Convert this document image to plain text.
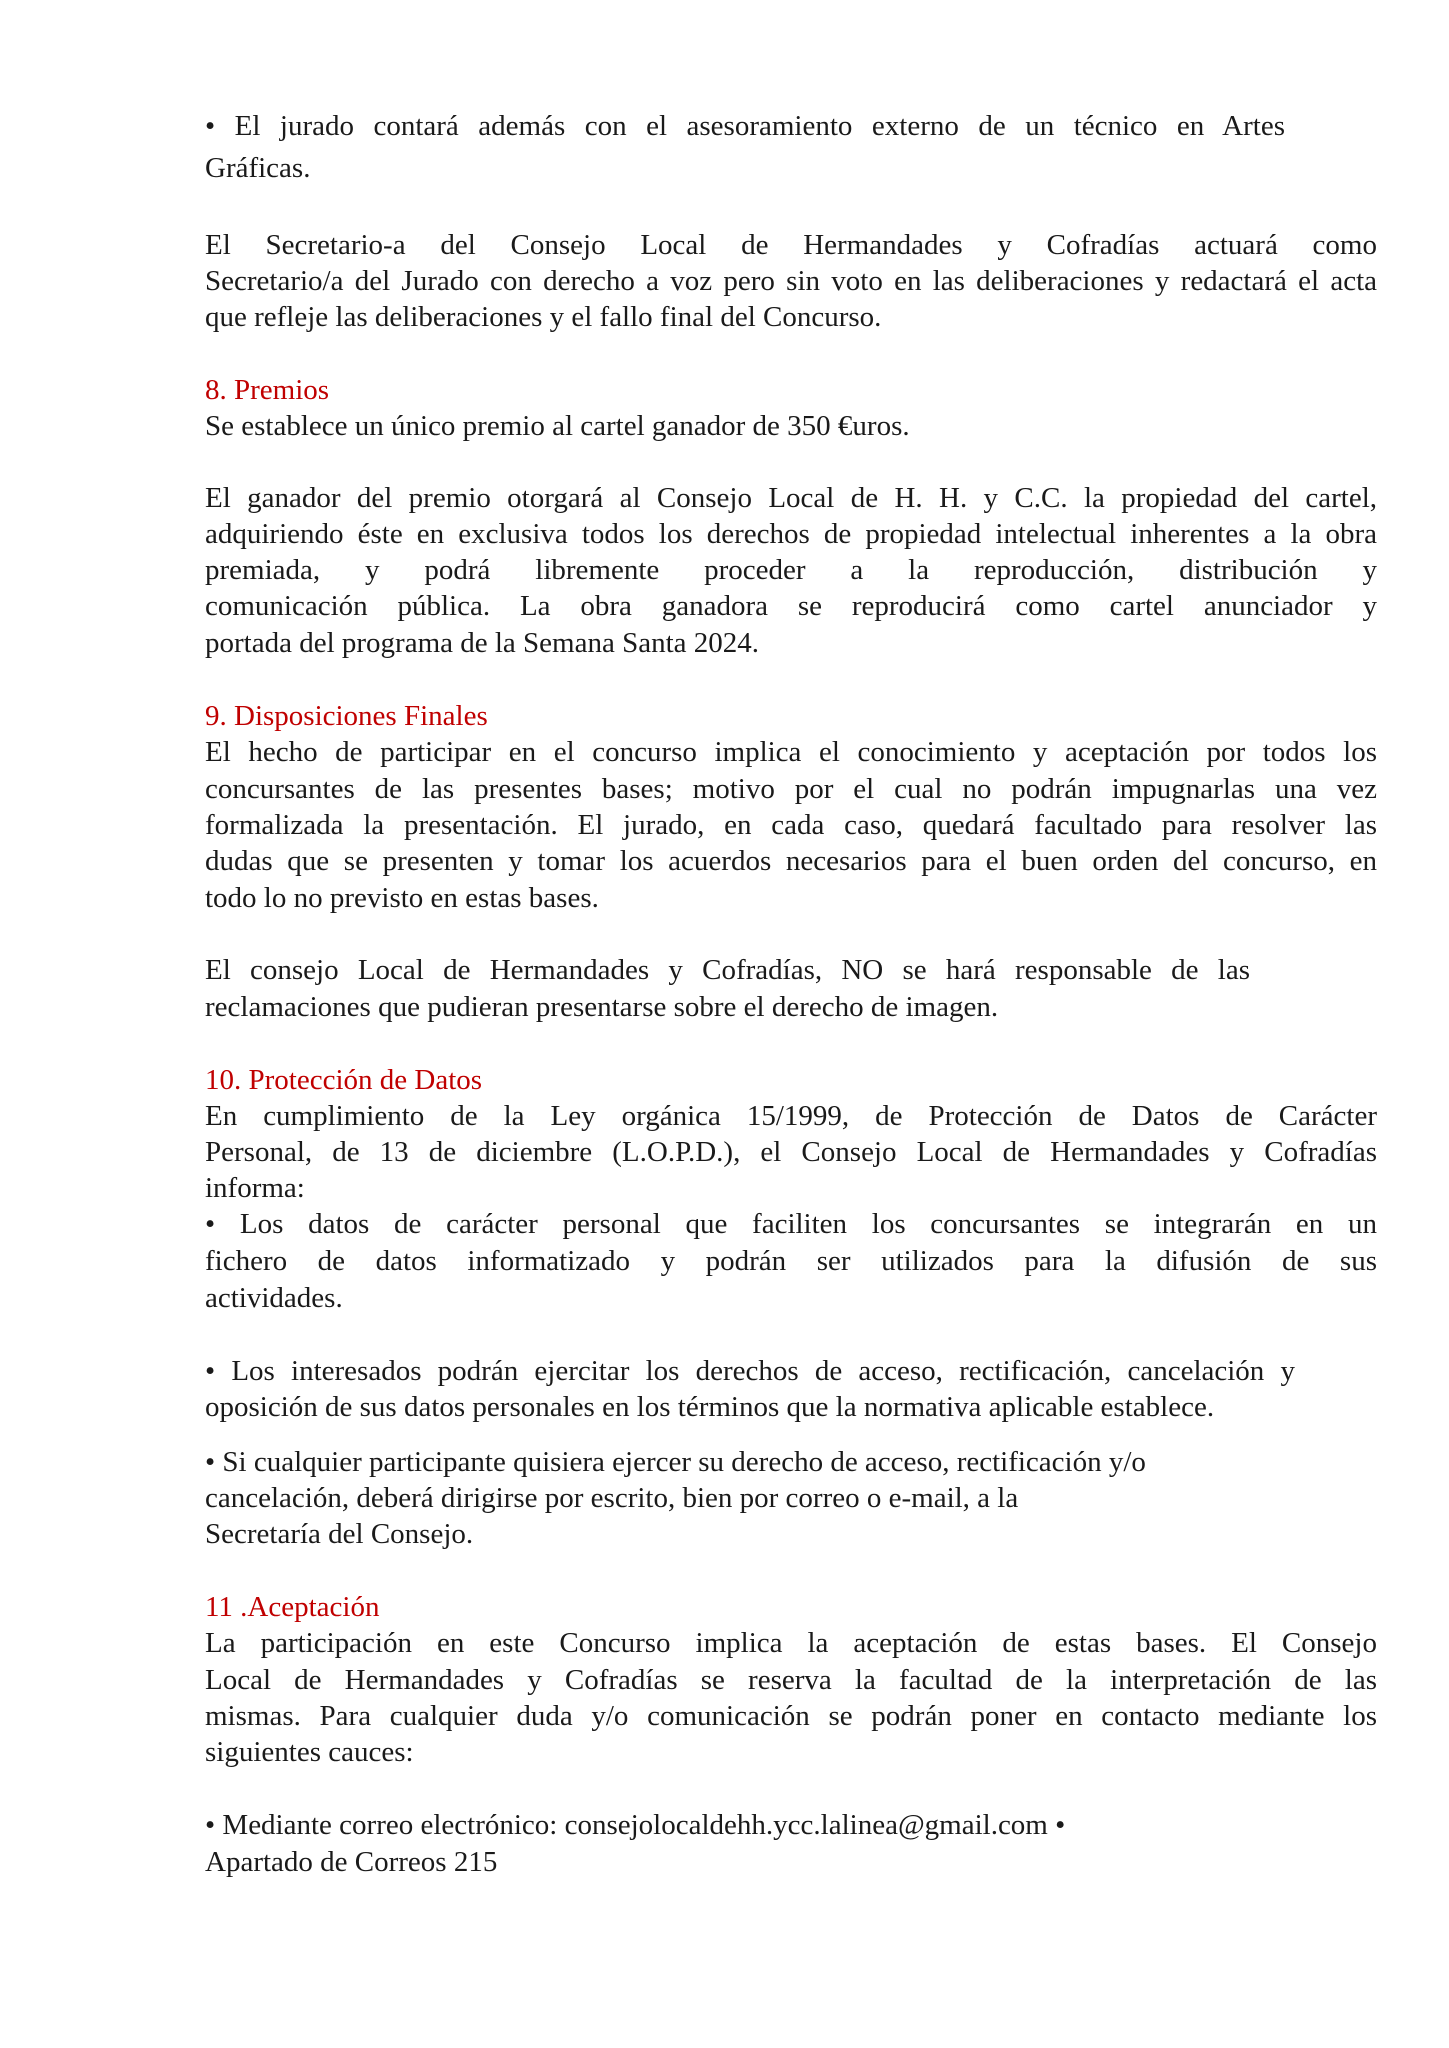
• El jurado contará además con el asesoramiento externo de un técnico en Artes
Gráficas.
El Secretario-a del Consejo Local de Hermandades y Cofradías actuará como
Secretario/a del Jurado con derecho a voz pero sin voto en las deliberaciones y redactará el acta
que refleje las deliberaciones y el fallo final del Concurso.
8. Premios
Se establece un único premio al cartel ganador de 350 €uros.
El ganador del premio otorgará al Consejo Local de H. H. y C.C. la propiedad del cartel,
adquiriendo éste en exclusiva todos los derechos de propiedad intelectual inherentes a la obra
premiada, y podrá libremente proceder a la reproducción, distribución y
comunicación pública. La obra ganadora se reproducirá como cartel anunciador y
portada del programa de la Semana Santa 2024.
9. Disposiciones Finales
El hecho de participar en el concurso implica el conocimiento y aceptación por todos los
concursantes de las presentes bases; motivo por el cual no podrán impugnarlas una vez
formalizada la presentación. El jurado, en cada caso, quedará facultado para resolver las
dudas que se presenten y tomar los acuerdos necesarios para el buen orden del concurso, en
todo lo no previsto en estas bases.
El consejo Local de Hermandades y Cofradías, NO se hará responsable de las
reclamaciones que pudieran presentarse sobre el derecho de imagen.
10. Protección de Datos
En cumplimiento de la Ley orgánica 15/1999, de Protección de Datos de Carácter
Personal, de 13 de diciembre (L.O.P.D.), el Consejo Local de Hermandades y Cofradías
informa:
• Los datos de carácter personal que faciliten los concursantes se integrarán en un
fichero de datos informatizado y podrán ser utilizados para la difusión de sus
actividades.
• Los interesados podrán ejercitar los derechos de acceso, rectificación, cancelación y
oposición de sus datos personales en los términos que la normativa aplicable establece.
• Si cualquier participante quisiera ejercer su derecho de acceso, rectificación y/o
cancelación, deberá dirigirse por escrito, bien por correo o e-mail, a la
Secretaría del Consejo.
11 .Aceptación
La participación en este Concurso implica la aceptación de estas bases. El Consejo
Local de Hermandades y Cofradías se reserva la facultad de la interpretación de las
mismas. Para cualquier duda y/o comunicación se podrán poner en contacto mediante los
siguientes cauces:
• Mediante correo electrónico: consejolocaldehh.ycc.lalinea@gmail.com •
Apartado de Correos 215
